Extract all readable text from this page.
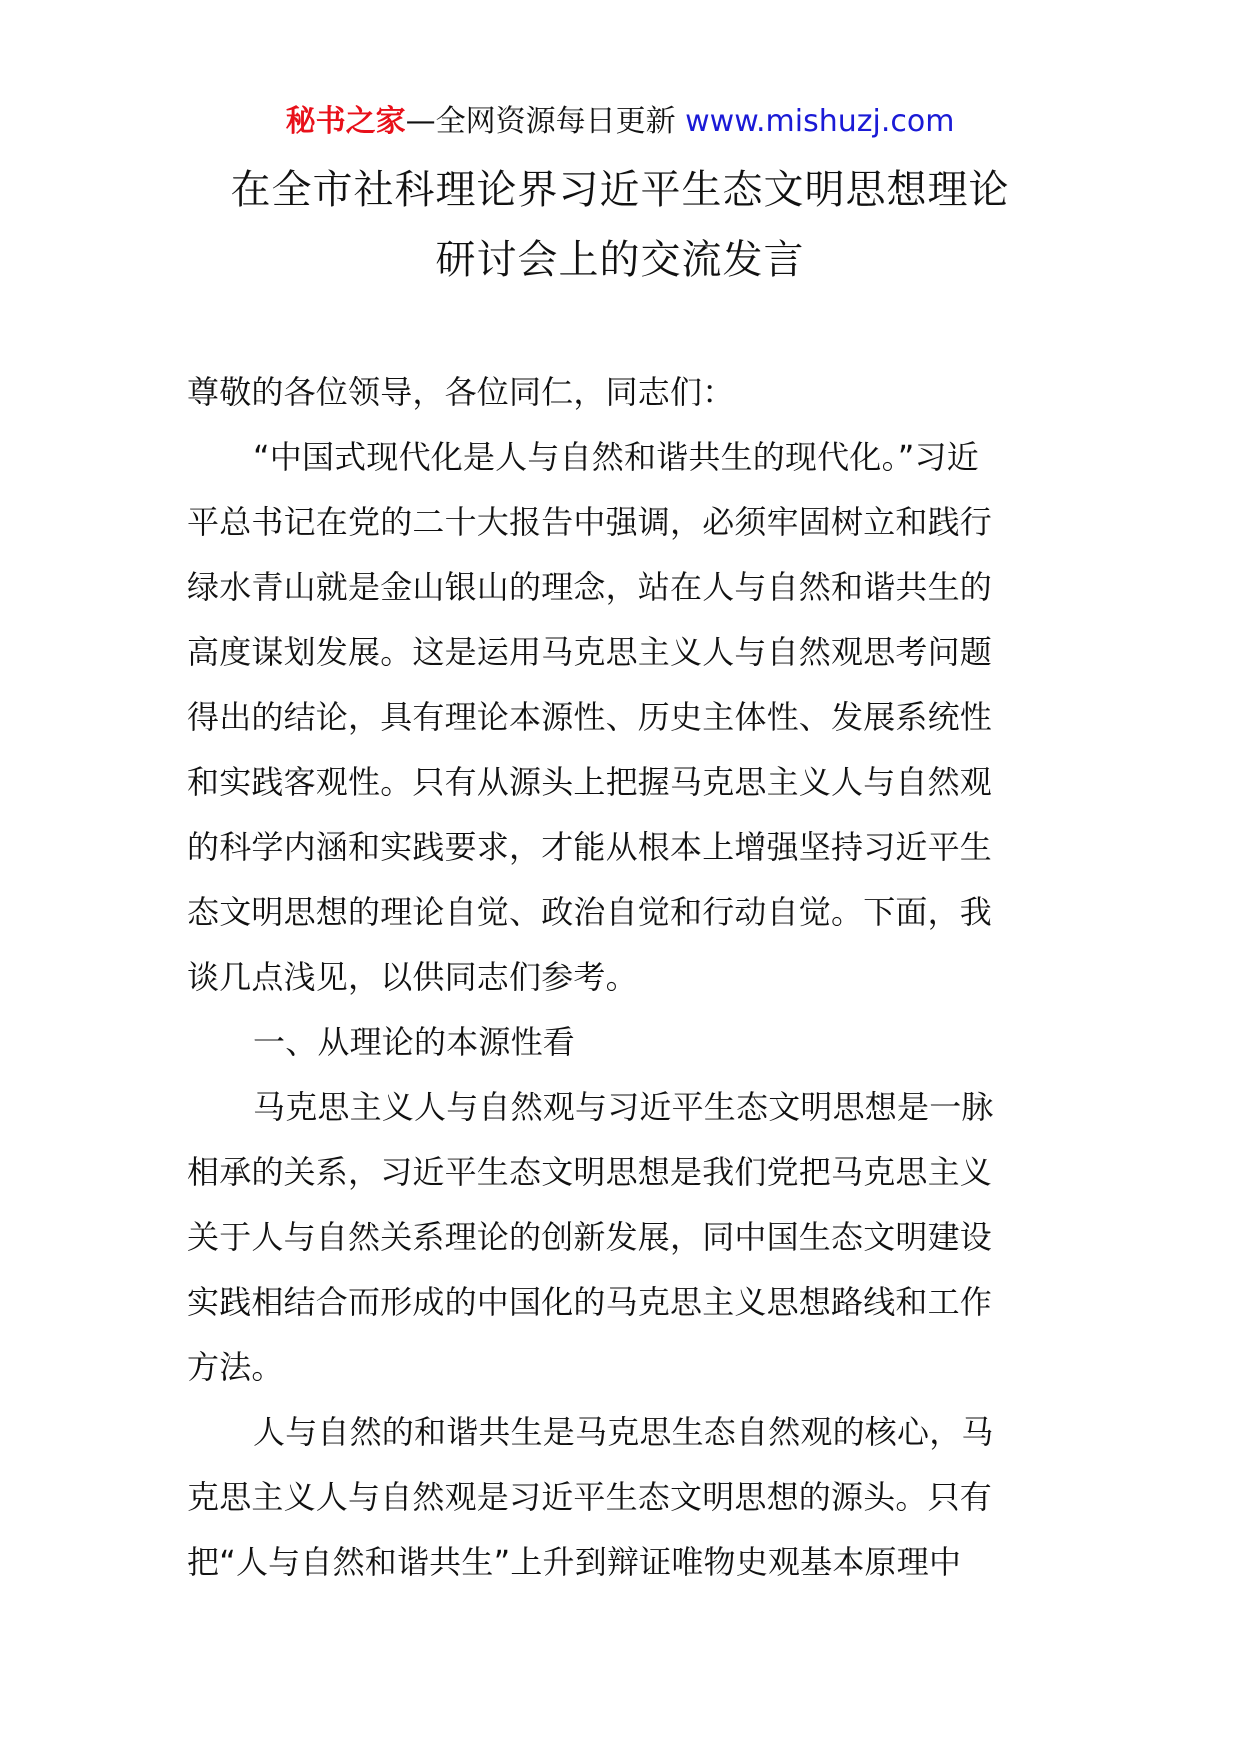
秘书之家—全网资源每日更新 www.mishuzj.com
在全市社科理论界习近平生态文明思想理论
研讨会上的交流发言
尊敬的各位领导，各位同仁，同志们：
“中国式现代化是人与自然和谐共生的现代化。”习近
平总书记在党的二十大报告中强调，必须牢固树立和践行
绿水青山就是金山银山的理念，站在人与自然和谐共生的
高度谋划发展。这是运用马克思主义人与自然观思考问题
得出的结论，具有理论本源性、历史主体性、发展系统性
和实践客观性。只有从源头上把握马克思主义人与自然观
的科学内涵和实践要求，才能从根本上增强坚持习近平生
态文明思想的理论自觉、政治自觉和行动自觉。下面，我
谈几点浅见，以供同志们参考。
一、从理论的本源性看
马克思主义人与自然观与习近平生态文明思想是一脉
相承的关系，习近平生态文明思想是我们党把马克思主义
关于人与自然关系理论的创新发展，同中国生态文明建设
实践相结合而形成的中国化的马克思主义思想路线和工作
方法。
人与自然的和谐共生是马克思生态自然观的核心，马
克思主义人与自然观是习近平生态文明思想的源头。只有
把“人与自然和谐共生”上升到辩证唯物史观基本原理中
